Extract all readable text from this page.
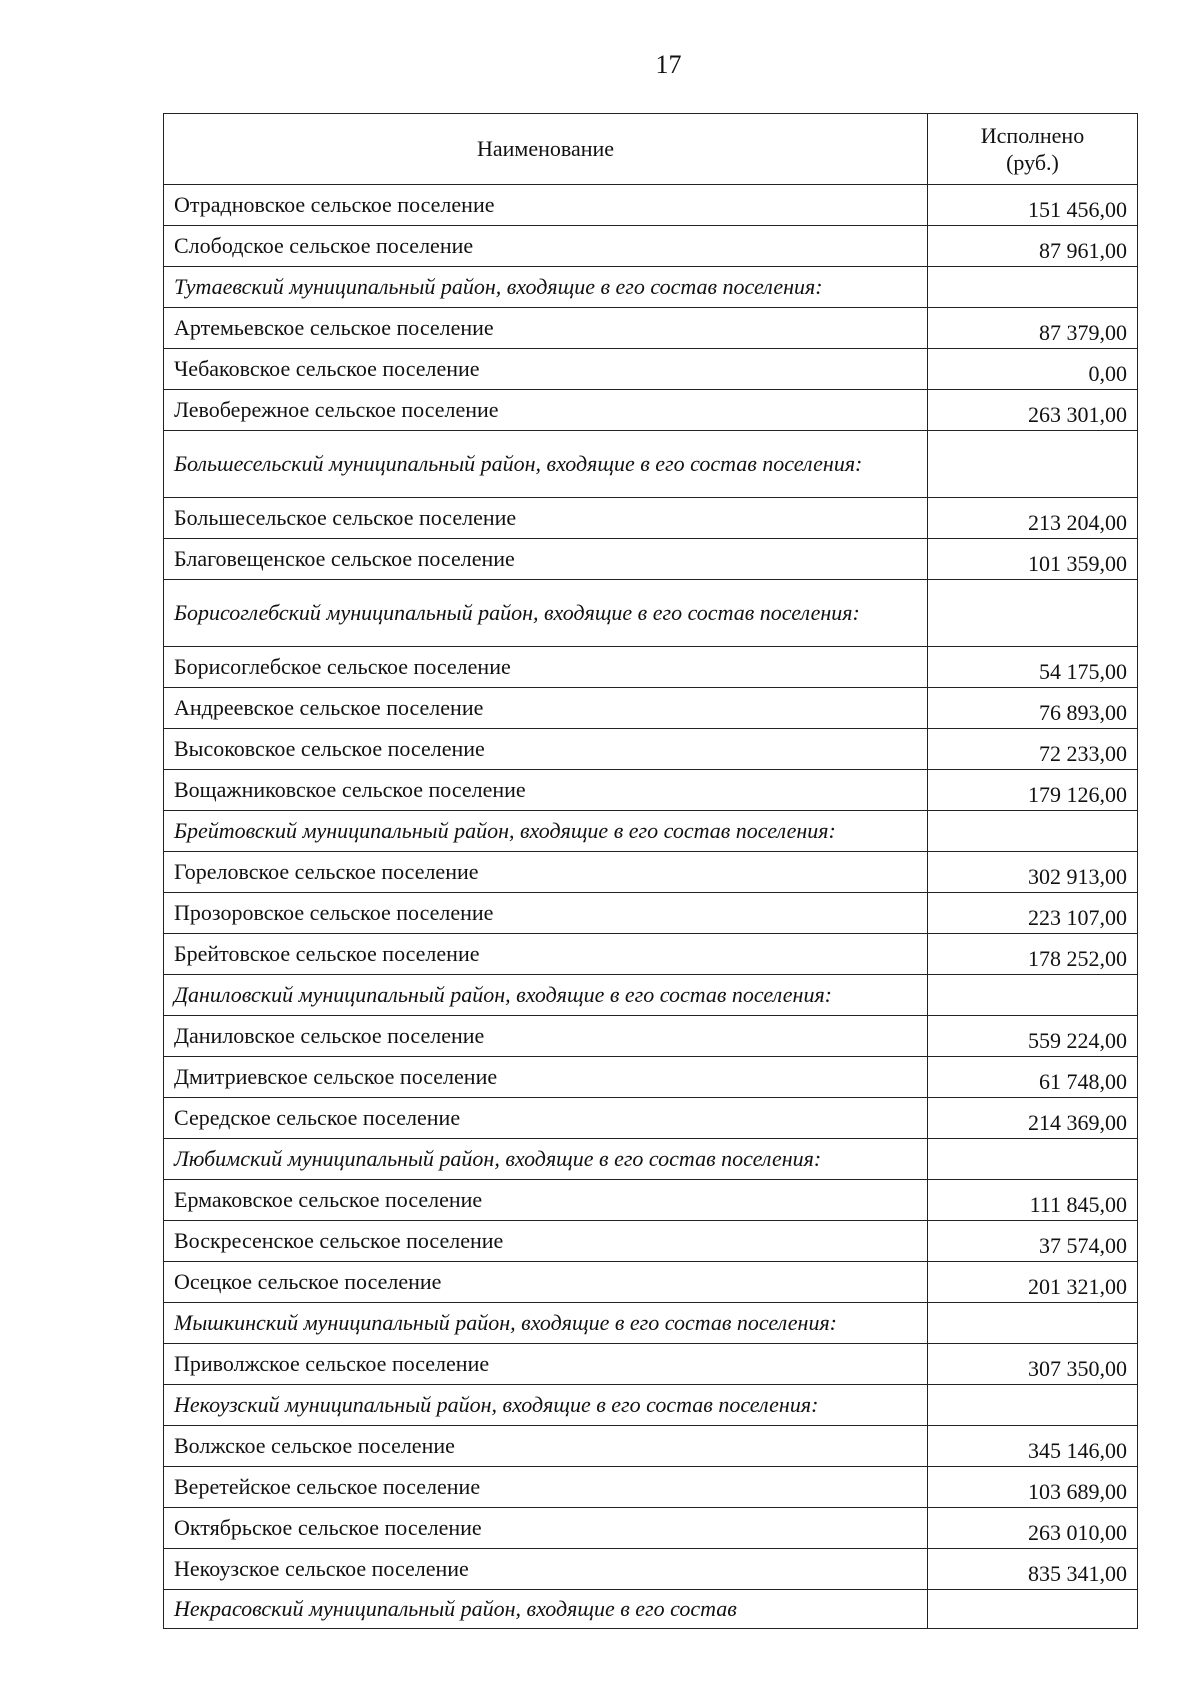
17
Наименование	Исполнено
(руб.)

Отрадновское сельское поселение	151 456,00
Слободское сельское поселение	87 961,00
Тутаевский муниципальный район, входящие в его состав поселения:	
Артемьевское сельское поселение	87 379,00
Чебаковское сельское поселение	0,00
Левобережное сельское поселение	263 301,00
Большесельский муниципальный район, входящие в его состав поселения:	
Большесельское сельское поселение	213 204,00
Благовещенское сельское поселение	101 359,00
Борисоглебский муниципальный район, входящие в его состав поселения:	
Борисоглебское сельское поселение	54 175,00
Андреевское сельское поселение	76 893,00
Высоковское сельское поселение	72 233,00
Вощажниковское сельское поселение	179 126,00
Брейтовский муниципальный район, входящие в его состав поселения:	
Гореловское сельское поселение	302 913,00
Прозоровское сельское поселение	223 107,00
Брейтовское сельское поселение	178 252,00
Даниловский муниципальный район, входящие в его состав поселения:	
Даниловское сельское поселение	559 224,00
Дмитриевское сельское поселение	61 748,00
Середское сельское поселение	214 369,00
Любимский муниципальный район, входящие в его состав поселения:	
Ермаковское сельское поселение	111 845,00
Воскресенское сельское поселение	37 574,00
Осецкое сельское поселение	201 321,00
Мышкинский муниципальный район, входящие в его состав поселения:	
Приволжское сельское поселение	307 350,00
Некоузский муниципальный район, входящие в его состав поселения:	
Волжское сельское поселение	345 146,00
Веретейское сельское поселение	103 689,00
Октябрьское сельское поселение	263 010,00
Некоузское сельское поселение	835 341,00
Некрасовский муниципальный район, входящие в его состав	
